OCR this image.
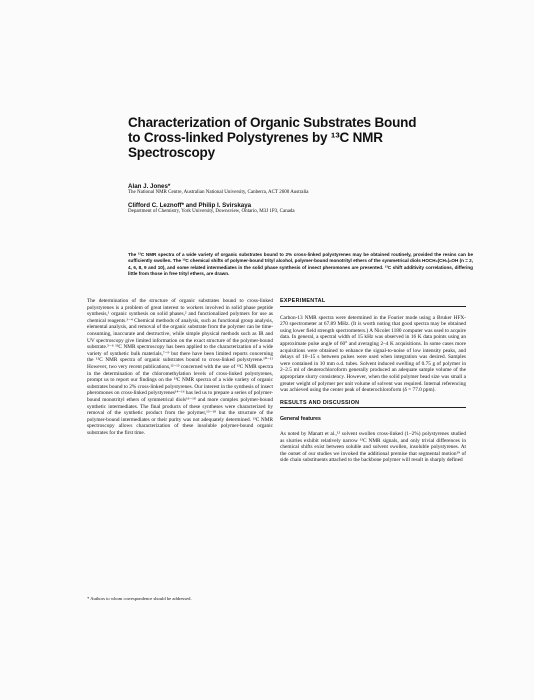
Characterization of Organic Substrates Bound to Cross-linked Polystyrenes by ¹³C NMR Spectroscopy
Alan J. Jones*
The National NMR Centre, Australian National University, Canberra, ACT 2600 Australia
Clifford C. Leznoff* and Philip I. Svirskaya
Department of Chemistry, York University, Downsview, Ontario, M3J 1P3, Canada
The ¹³C NMR spectra of a wide variety of organic substrates bound to 2% cross-linked polystyrenes may be obtained routinely, provided the resins can be sufficiently swollen. The ¹³C chemical shifts of polymer-bound trityl alcohol, polymer-bound monotrityl ethers of the symmetrical diols HOCH₂(CH₂)ₙOH (n = 2, 4, 6, 8, 9 and 10), and some related intermediates in the solid phase synthesis of insect pheromones are presented. ¹³C shift additivity correlations, differing little from those in free trityl ethers, are drawn.

The determination of the structure of organic substrates bound to cross-linked polystyrenes is a problem of great interest to workers involved in solid phase peptide synthesis,¹ organic synthesis on solid phases,² and functionalized polymers for use as chemical reagents.³⁻⁴ Chemical methods of analysis, such as functional group analysis, elemental analysis, and removal of the organic substrate from the polymer can be time-consuming, inaccurate and destructive, while simple physical methods such as IR and UV spectroscopy give limited information on the exact structure of the polymer-bound substrate.⁵⁻⁶ ¹³C NMR spectroscopy has been applied to the characterization of a wide variety of synthetic bulk materials,⁷⁻⁹ but there have been limited reports concerning the ¹³C NMR spectra of organic substrates bound to cross-linked polystyrene.¹⁰⁻¹¹ However, two very recent publications,¹²⁻¹³ concerned with the use of ¹³C NMR spectra in the determination of the chloromethylation levels of cross-linked polystyrenes, prompt us to report our findings on the ¹³C NMR spectra of a wide variety of organic substrates bound to 2% cross-linked polystyrenes. Our interest in the synthesis of insect pheromones on cross-linked polystyrenes¹⁴⁻¹⁶ has led us to prepare a series of polymer-bound monotrityl ethers of symmetrical diols¹⁶⁻¹⁸ and more complex polymer-bound synthetic intermediates. The final products of these syntheses were characterized by removal of the synthetic product from the polymer,¹⁵⁻¹⁸ but the structure of the polymer-bound intermediates or their purity was not adequately determined. ¹³C NMR spectroscopy allows characterization of these insoluble polymer-bound organic substrates for the first time.

EXPERIMENTAL

Carbon-13 NMR spectra were determined in the Fourier mode using a Bruker HFX-270 spectrometer at 67.89 MHz. (It is worth noting that good spectra may be obtained using lower field strength spectrometers.) A Nicolet 1180 computer was used to acquire data. In general, a spectral width of 15 kHz was observed in 16 K data points using an approximate pulse angle of 60° and averaging 2–4 K acquisitions. In some cases more acquisitions were obtained to enhance the signal-to-noise of low intensity peaks, and delays of 10–15 s between pulses were used when integration was desired. Samples were contained in 10 mm o.d. tubes. Solvent induced swelling of 0.75 g of polymer in 2–2.5 ml of deuterochloroform generally produced an adequate sample volume of the appropriate slurry consistency. However, when the solid polymer bead size was small a greater weight of polymer per unit volume of solvent was required. Internal referencing was achieved using the center peak of deuterochloroform (δ = 77.0 ppm).

RESULTS AND DISCUSSION
General features

As noted by Manatt et al.,¹² solvent swollen cross-linked (1–2%) polystyrenes studied as slurries exhibit relatively narrow ¹³C NMR signals, and only trivial differences in chemical shifts exist between soluble and solvent swollen, insoluble polystyrenes. At the outset of our studies we invoked the additional premise that segmental motion¹⁹ of side chain substituents attached to the backbone polymer will result in sharply defined

* Authors to whom correspondence should be addressed.
